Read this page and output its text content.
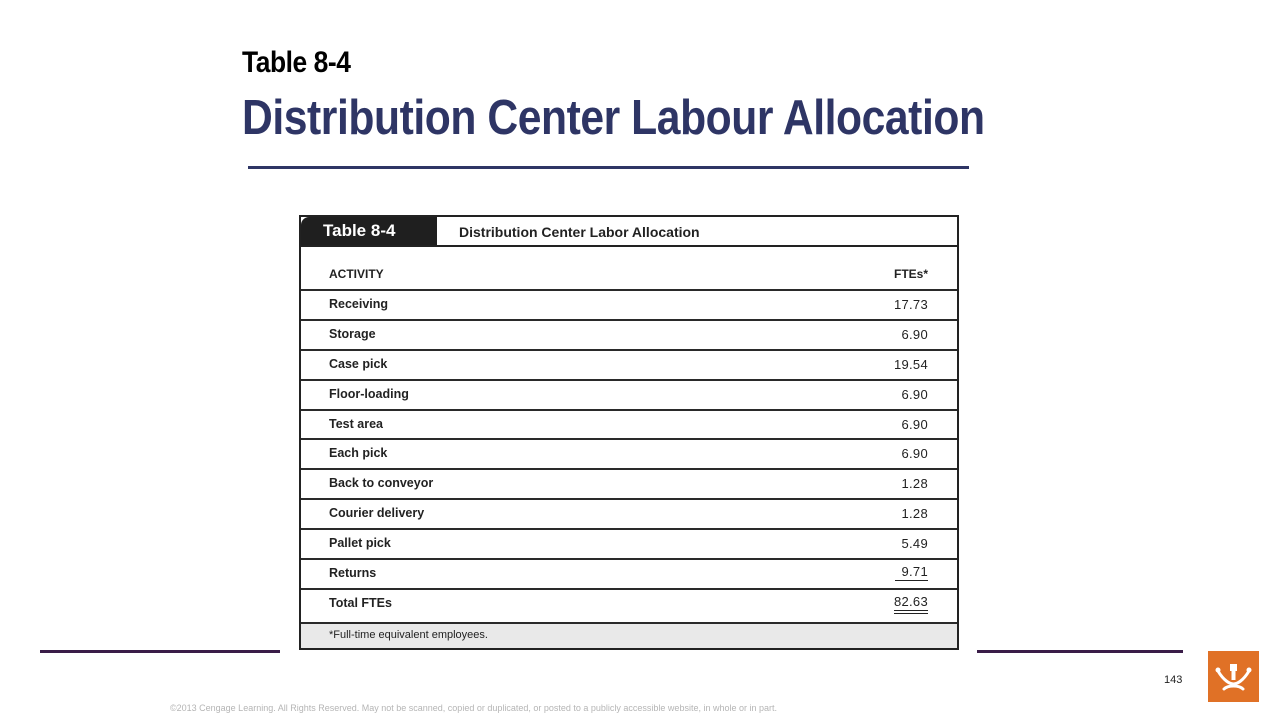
Table 8-4
Distribution Center Labour Allocation
Table 8-4	Distribution Center Labor Allocation
ACTIVITY	FTEs*
Receiving	17.73
Storage	6.90
Case pick	19.54
Floor-loading	6.90
Test area	6.90
Each pick	6.90
Back to conveyor	1.28
Courier delivery	1.28
Pallet pick	5.49
Returns	9.71
Total FTEs	82.63
*Full-time equivalent employees.
143
©2013 Cengage Learning. All Rights Reserved. May not be scanned, copied or duplicated, or posted to a publicly accessible website, in whole or in part.
